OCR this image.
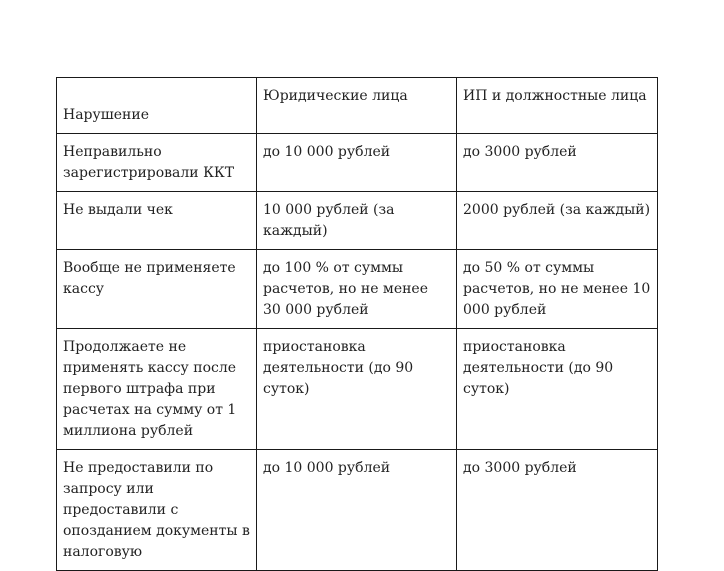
Нарушение	Юридические лица	ИП и должностные лица
Неправильно зарегистрировали ККТ	до 10 000 рублей	до 3000 рублей
Не выдали чек	10 000 рублей (за каждый)	2000 рублей (за каждый)
Вообще не применяете кассу	до 100 % от суммы расчетов, но не менее 30 000 рублей	до 50 % от суммы расчетов, но не менее 10 000 рублей
Продолжаете не применять кассу после первого штрафа при расчетах на сумму от 1 миллиона рублей	приостановка деятельности (до 90 суток)	приостановка деятельности (до 90 суток)
Не предоставили по запросу или предоставили с опозданием документы в налоговую	до 10 000 рублей	до 3000 рублей
